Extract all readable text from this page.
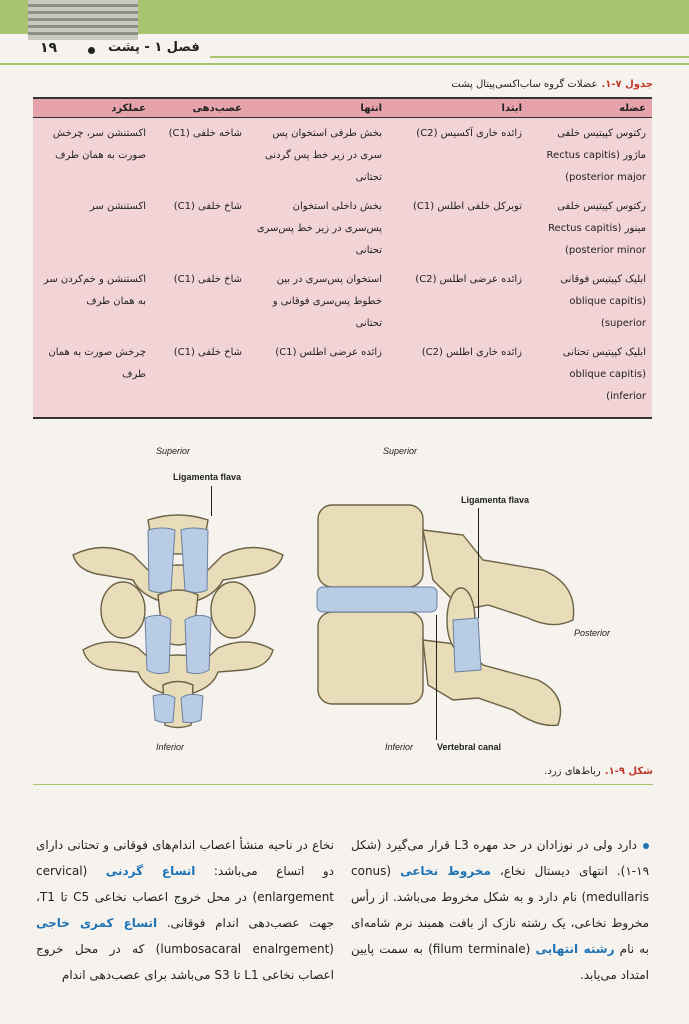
۱۹	فصل ۱ - پشت
جدول ۷-۱.عضلات گروه ساب‌اکسی‌پیتال پشت
عضله	ابتدا	انتها	عصب‌دهی	عملکرد
رکتوس کپیتیس خلفی ماژور (Rectus capitis posterior major)	زائده خاری آکسیس (C2)	بخش طرفی استخوان پس سری در زیر خط پس گردنی تحتانی	شاخه خلفی (C1)	اکستنشن سر، چرخش صورت به همان طرف
رکتوس کپیتیس خلفی مینور (Rectus capitis posterior minor)	توبرکل خلفی اطلس (C1)	بخش داخلی استخوان پس‌سری در زیر خط پس‌سری تحتانی	شاخ خلفی (C1)	اکستنشن سر
ابلیک کپیتیس فوقانی (oblique capitis superior)	زائده عرضی اطلس (C2)	استخوان پس‌سری در بین خطوط پس‌سری فوقانی و تحتانی	شاخ خلفی (C1)	اکستنشن و خم‌کردن سر به همان طرف
ابلیک کپیتیس تحتانی (oblique capitis inferior)	زائده خاری اطلس (C2)	زائده عرضی اطلس (C1)	شاخ خلفی (C1)	چرخش صورت به همان طرف
Superior
Ligamenta flava
Inferior
Superior
Ligamenta flava
Posterior
Inferior	Vertebral canal
شکل ۹-۱.رباط‌های زرد.
دارد ولی در نوزادان در حد مهره L3 قرار می‌گیرد (شکل ۱۹-۱). انتهای دیستال نخاع، مخروط نخاعی (conus medullaris) نام دارد و به شکل مخروط می‌باشد. از رأس مخروط نخاعی، یک رشته نازک از بافت همبند نرم شامه‌ای به نام رشته انتهایی (filum terminale) به سمت پایین امتداد می‌یابد.
نخاع در ناحیه منشأ اعصاب اندام‌های فوقانی و تحتانی دارای دو اتساع می‌باشد: اتساع گردنی (cervical enlargement) در محل خروج اعصاب نخاعی C5 تا T1، جهت عصب‌دهی اندام فوقانی. اتساع کمری خاجی (lumbosacaral enalrgement) که در محل خروج اعصاب نخاعی L1 تا S3 می‌باشد برای عصب‌دهی اندام
